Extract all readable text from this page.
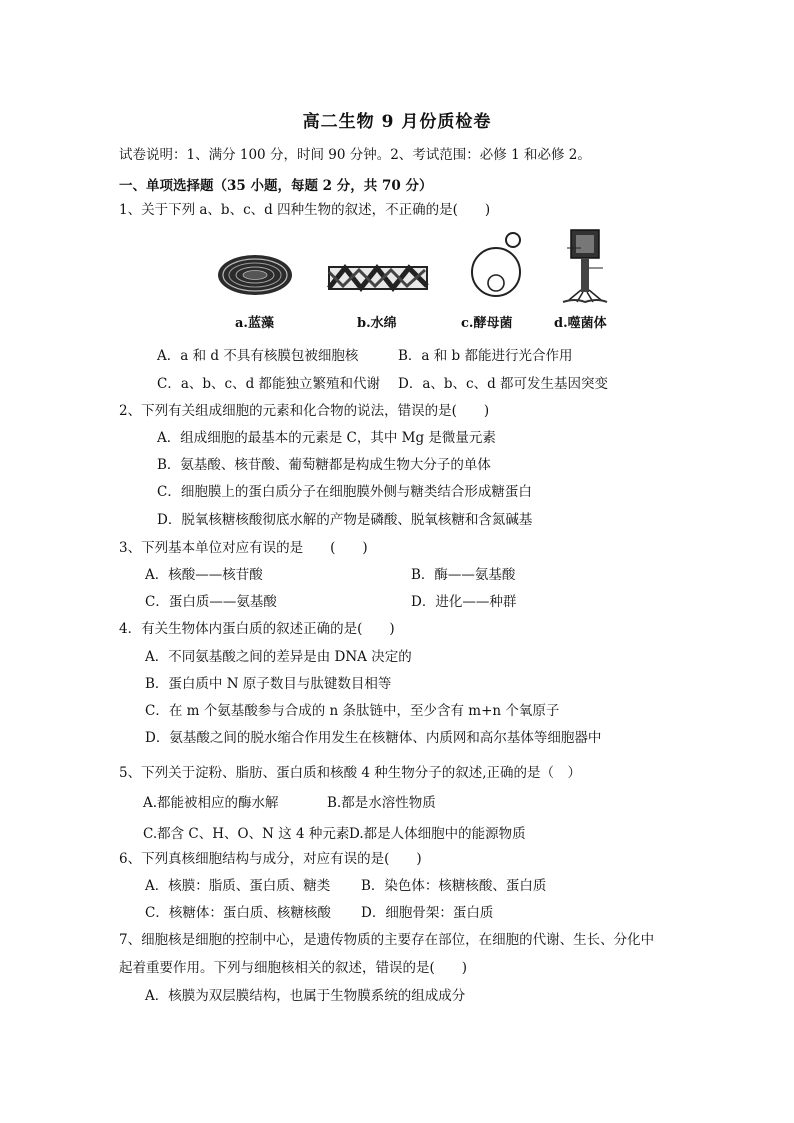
高二生物 9 月份质检卷
试卷说明：1、满分 100 分，时间 90 分钟。2、考试范围：必修 1 和必修 2。
一、单项选择题（35 小题，每题 2 分，共 70 分）
1、关于下列 a、b、c、d 四种生物的叙述，不正确的是(　　)
a.蓝藻	b.水绵	c.酵母菌	d.噬菌体
A．a 和 d 不具有核膜包被细胞核	B．a 和 b 都能进行光合作用
C．a、b、c、d 都能独立繁殖和代谢 D．a、b、c、d 都可发生基因突变
2、下列有关组成细胞的元素和化合物的说法，错误的是(　　)
A．组成细胞的最基本的元素是 C，其中 Mg 是微量元素
B．氨基酸、核苷酸、葡萄糖都是构成生物大分子的单体
C．细胞膜上的蛋白质分子在细胞膜外侧与糖类结合形成糖蛋白
D．脱氧核糖核酸彻底水解的产物是磷酸、脱氧核糖和含氮碱基
3、下列基本单位对应有误的是　　(　　)
A．核酸——核苷酸	B．酶——氨基酸
C．蛋白质——氨基酸	D．进化——种群
4．有关生物体内蛋白质的叙述正确的是(　　)
A．不同氨基酸之间的差异是由 DNA 决定的
B．蛋白质中 N 原子数目与肽键数目相等
C．在 m 个氨基酸参与合成的 n 条肽链中，至少含有 m+n 个氧原子
D．氨基酸之间的脱水缩合作用发生在核糖体、内质网和高尔基体等细胞器中
5、下列关于淀粉、脂肪、蛋白质和核酸 4 种生物分子的叙述,正确的是（　）
A.都能被相应的酶水解	B.都是水溶性物质
C.都含 C、H、O、N 这 4 种元素 D.都是人体细胞中的能源物质
6、下列真核细胞结构与成分，对应有误的是(　　)
A．核膜：脂质、蛋白质、糖类 B．染色体：核糖核酸、蛋白质
C．核糖体：蛋白质、核糖核酸 D．细胞骨架：蛋白质
7、细胞核是细胞的控制中心，是遗传物质的主要存在部位，在细胞的代谢、生长、分化中
起着重要作用。下列与细胞核相关的叙述，错误的是(　　)
A．核膜为双层膜结构，也属于生物膜系统的组成成分
